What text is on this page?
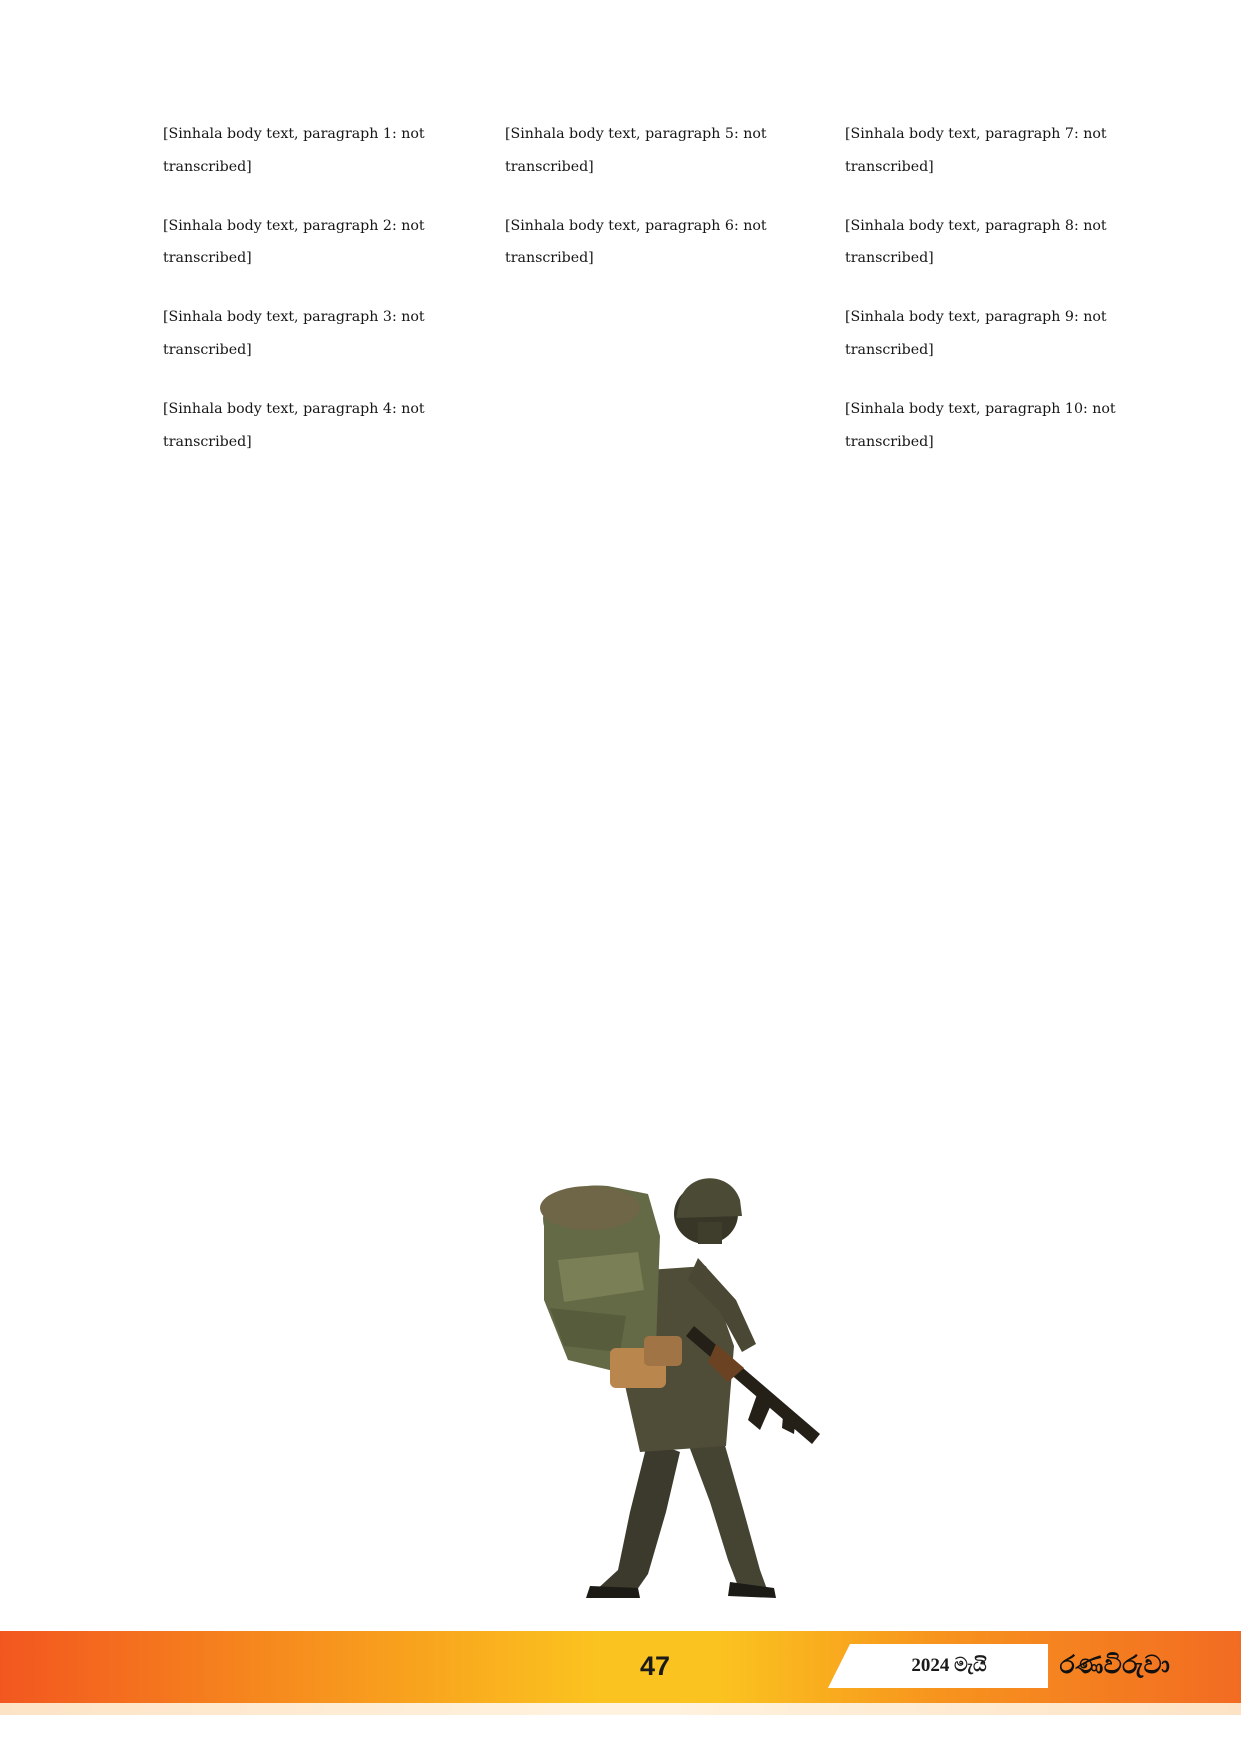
[Sinhala body text, paragraph 1: not transcribed]

[Sinhala body text, paragraph 2: not transcribed]

[Sinhala body text, paragraph 3: not transcribed]

[Sinhala body text, paragraph 4: not transcribed]

[Sinhala body text, paragraph 5: not transcribed]

[Sinhala body text, paragraph 6: not transcribed]

[Sinhala body text, paragraph 7: not transcribed]

[Sinhala body text, paragraph 8: not transcribed]

[Sinhala body text, paragraph 9: not transcribed]

[Sinhala body text, paragraph 10: not transcribed]

47	2024 මැයි	රණවිරුවා
